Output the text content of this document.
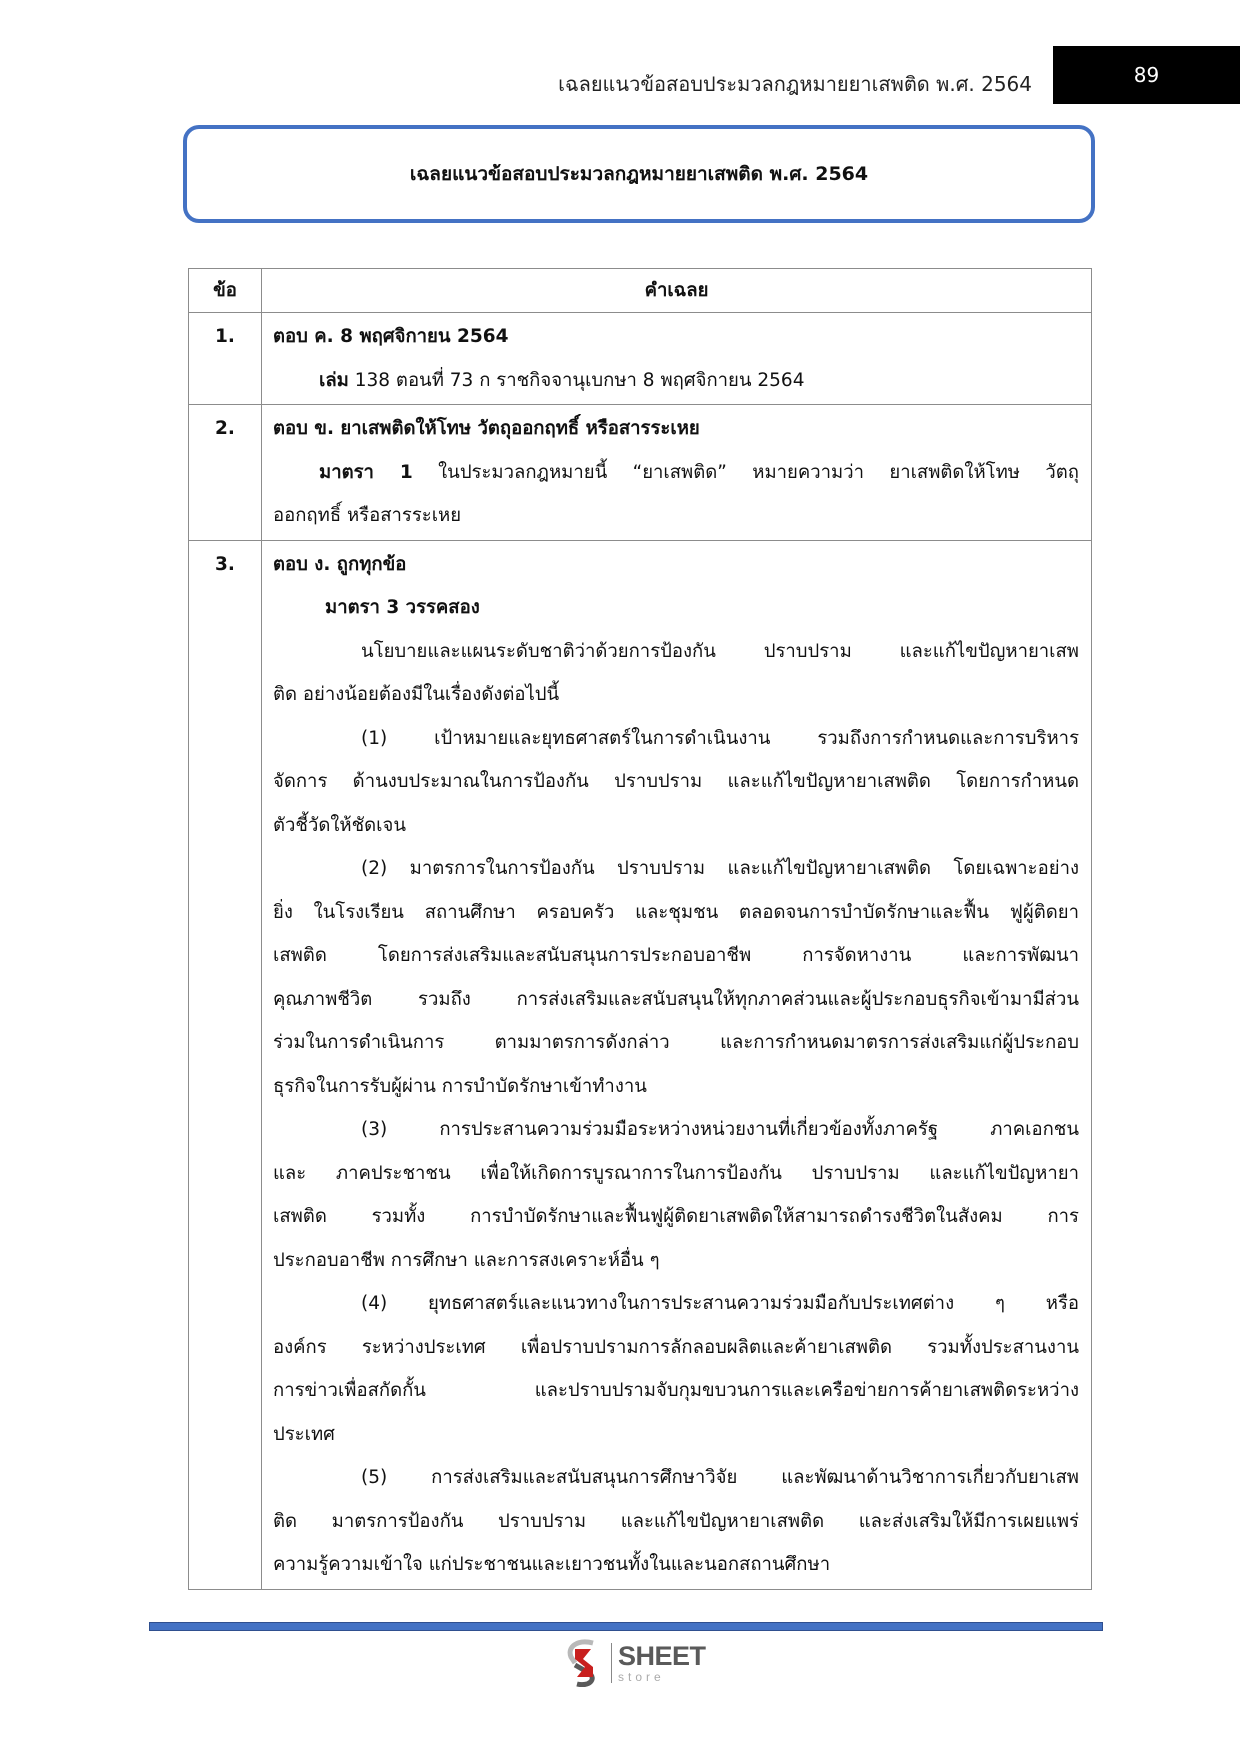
เฉลยแนวข้อสอบประมวลกฎหมายยาเสพติด พ.ศ. 2564	89
เฉลยแนวข้อสอบประมวลกฎหมายยาเสพติด พ.ศ. 2564
ข้อ	คำเฉลย
1.	ตอบ ค. 8 พฤศจิกายน 2564
เล่ม 138 ตอนที่ 73 ก ราชกิจจานุเบกษา 8 พฤศจิกายน 2564

2.	ตอบ ข. ยาเสพติดให้โทษ วัตถุออกฤทธิ์ หรือสารระเหย
มาตรา 1 ในประมวลกฎหมายนี้ “ยาเสพติด” หมายความว่า ยาเสพติดให้โทษ วัตถุ
ออกฤทธิ์ หรือสารระเหย

3.	ตอบ ง. ถูกทุกข้อ
มาตรา 3 วรรคสอง
นโยบายและแผนระดับชาติว่าด้วยการป้องกัน ปราบปราม และแก้ไขปัญหายาเสพ
ติด อย่างน้อยต้องมีในเรื่องดังต่อไปนี้
(1) เป้าหมายและยุทธศาสตร์ในการดำเนินงาน รวมถึงการกำหนดและการบริหาร
จัดการ ด้านงบประมาณในการป้องกัน ปราบปราม และแก้ไขปัญหายาเสพติด โดยการกำหนด
ตัวชี้วัดให้ชัดเจน
(2) มาตรการในการป้องกัน ปราบปราม และแก้ไขปัญหายาเสพติด โดยเฉพาะอย่าง
ยิ่ง ในโรงเรียน สถานศึกษา ครอบครัว และชุมชน ตลอดจนการบำบัดรักษาและฟื้น ฟูผู้ติดยา
เสพติด โดยการส่งเสริมและสนับสนุนการประกอบอาชีพ การจัดหางาน และการพัฒนา
คุณภาพชีวิต รวมถึง การส่งเสริมและสนับสนุนให้ทุกภาคส่วนและผู้ประกอบธุรกิจเข้ามามีส่วน
ร่วมในการดำเนินการ ตามมาตรการดังกล่าว และการกำหนดมาตรการส่งเสริมแก่ผู้ประกอบ
ธุรกิจในการรับผู้ผ่าน การบำบัดรักษาเข้าทำงาน
(3) การประสานความร่วมมือระหว่างหน่วยงานที่เกี่ยวข้องทั้งภาครัฐ ภาคเอกชน
และ ภาคประชาชน เพื่อให้เกิดการบูรณาการในการป้องกัน ปราบปราม และแก้ไขปัญหายา
เสพติด รวมทั้ง การบำบัดรักษาและฟื้นฟูผู้ติดยาเสพติดให้สามารถดำรงชีวิตในสังคม การ
ประกอบอาชีพ การศึกษา และการสงเคราะห์อื่น ๆ
(4) ยุทธศาสตร์และแนวทางในการประสานความร่วมมือกับประเทศต่าง ๆ หรือ
องค์กร ระหว่างประเทศ เพื่อปราบปรามการลักลอบผลิตและค้ายาเสพติด รวมทั้งประสานงาน
การข่าวเพื่อสกัดกั้น และปราบปรามจับกุมขบวนการและเครือข่ายการค้ายาเสพติดระหว่าง
ประเทศ
(5) การส่งเสริมและสนับสนุนการศึกษาวิจัย และพัฒนาด้านวิชาการเกี่ยวกับยาเสพ
ติด มาตรการป้องกัน ปราบปราม และแก้ไขปัญหายาเสพติด และส่งเสริมให้มีการเผยแพร่
ความรู้ความเข้าใจ แก่ประชาชนและเยาวชนทั้งในและนอกสถานศึกษา
SHEET
store
